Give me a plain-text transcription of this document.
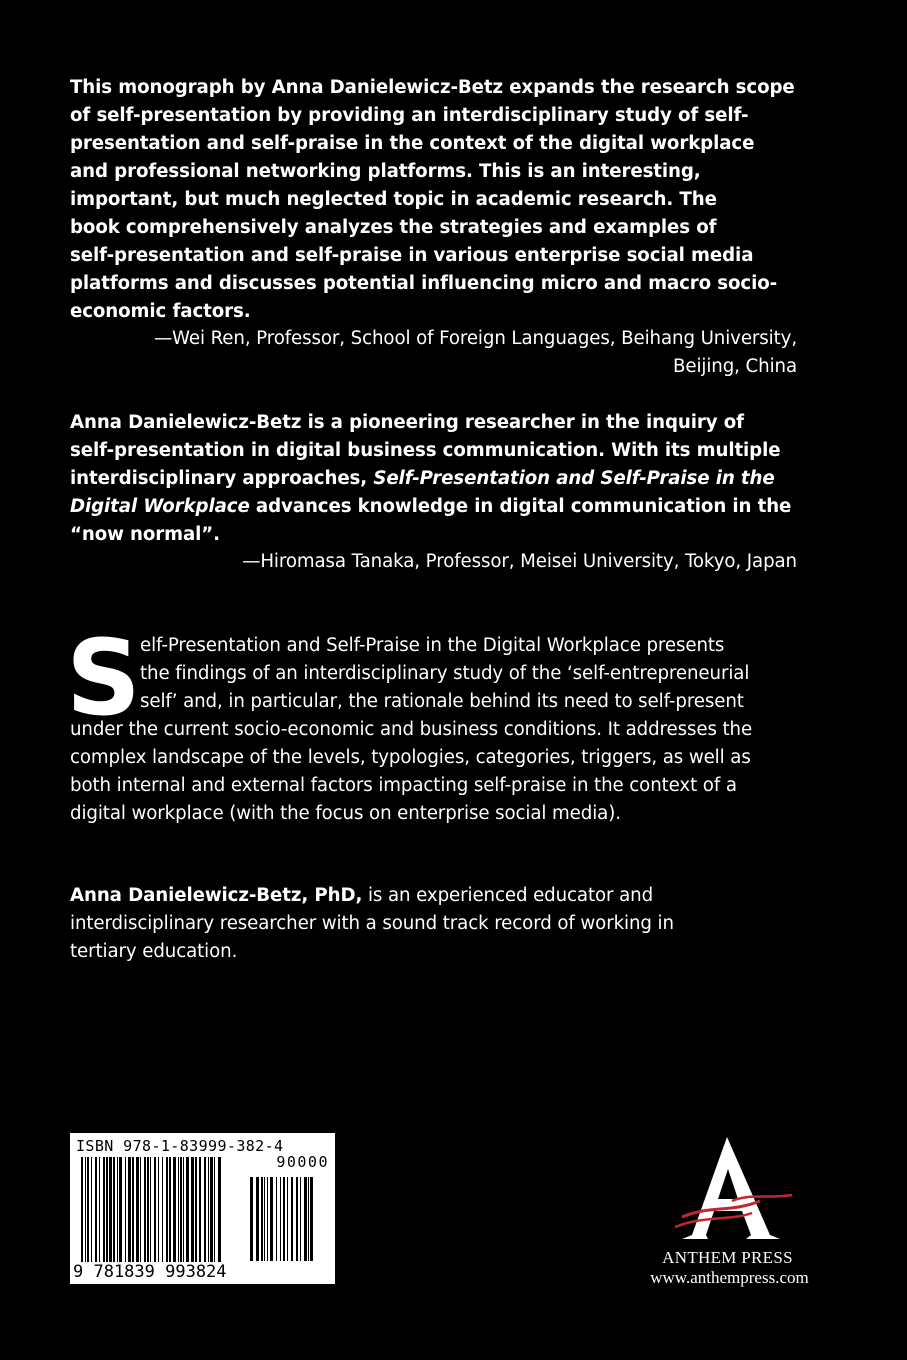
This monograph by Anna Danielewicz-Betz expands the research scope
of self-presentation by providing an interdisciplinary study of self-
presentation and self-praise in the context of the digital workplace
and professional networking platforms. This is an interesting,
important, but much neglected topic in academic research. The
book comprehensively analyzes the strategies and examples of
self-presentation and self-praise in various enterprise social media
platforms and discusses potential influencing micro and macro socio-
economic factors.
—Wei Ren, Professor, School of Foreign Languages, Beihang University,
Beijing, China
Anna Danielewicz-Betz is a pioneering researcher in the inquiry of
self-presentation in digital business communication. With its multiple
interdisciplinary approaches, Self-Presentation and Self-Praise in the
Digital Workplace advances knowledge in digital communication in the
“now normal”.
—Hiromasa Tanaka, Professor, Meisei University, Tokyo, Japan
S elf-Presentation and Self-Praise in the Digital Workplace presents
the findings of an interdisciplinary study of the ‘self-entrepreneurial
self’ and, in particular, the rationale behind its need to self-present
under the current socio-economic and business conditions. It addresses the
complex landscape of the levels, typologies, categories, triggers, as well as
both internal and external factors impacting self-praise in the context of a
digital workplace (with the focus on enterprise social media).
Anna Danielewicz-Betz, PhD, is an experienced educator and
interdisciplinary researcher with a sound track record of working in
tertiary education.
ISBN 978-1-83999-382-4
90000
9 781839 993824
ANTHEM PRESS
www.anthempress.com
